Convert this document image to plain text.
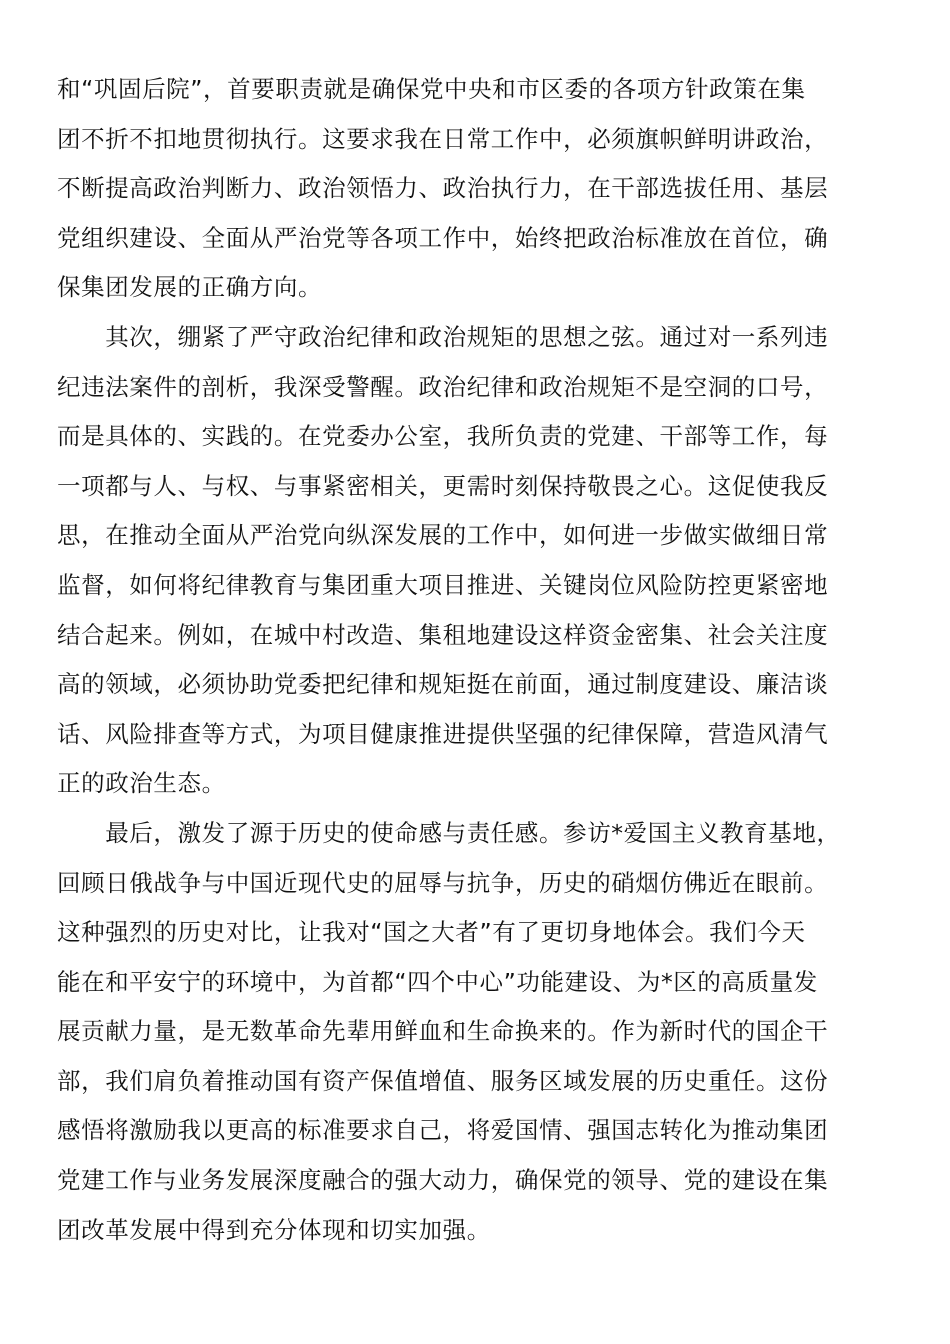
和“巩固后院”，首要职责就是确保党中央和市区委的各项方针政策在集
团不折不扣地贯彻执行。这要求我在日常工作中，必须旗帜鲜明讲政治，
不断提高政治判断力、政治领悟力、政治执行力，在干部选拔任用、基层
党组织建设、全面从严治党等各项工作中，始终把政治标准放在首位，确
保集团发展的正确方向。
　　其次，绷紧了严守政治纪律和政治规矩的思想之弦。通过对一系列违
纪违法案件的剖析，我深受警醒。政治纪律和政治规矩不是空洞的口号，
而是具体的、实践的。在党委办公室，我所负责的党建、干部等工作，每
一项都与人、与权、与事紧密相关，更需时刻保持敬畏之心。这促使我反
思，在推动全面从严治党向纵深发展的工作中，如何进一步做实做细日常
监督，如何将纪律教育与集团重大项目推进、关键岗位风险防控更紧密地
结合起来。例如，在城中村改造、集租地建设这样资金密集、社会关注度
高的领域，必须协助党委把纪律和规矩挺在前面，通过制度建设、廉洁谈
话、风险排查等方式，为项目健康推进提供坚强的纪律保障，营造风清气
正的政治生态。
　　最后，激发了源于历史的使命感与责任感。参访*爱国主义教育基地，
回顾日俄战争与中国近现代史的屈辱与抗争，历史的硝烟仿佛近在眼前。
这种强烈的历史对比，让我对“国之大者”有了更切身地体会。我们今天
能在和平安宁的环境中，为首都“四个中心”功能建设、为*区的高质量发
展贡献力量，是无数革命先辈用鲜血和生命换来的。作为新时代的国企干
部，我们肩负着推动国有资产保值增值、服务区域发展的历史重任。这份
感悟将激励我以更高的标准要求自己，将爱国情、强国志转化为推动集团
党建工作与业务发展深度融合的强大动力，确保党的领导、党的建设在集
团改革发展中得到充分体现和切实加强。
